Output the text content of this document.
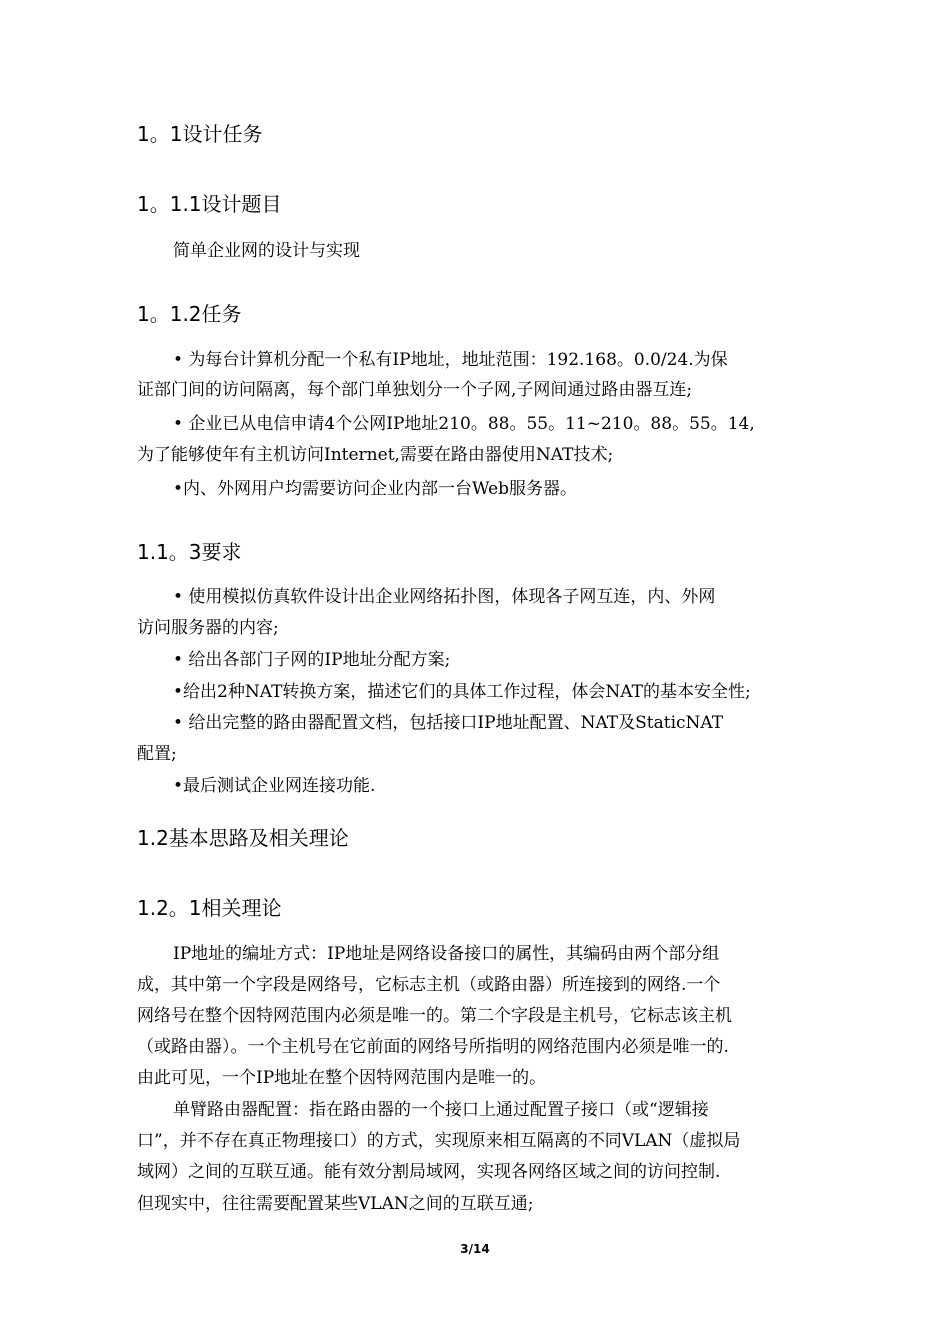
1。1设计任务
1。1.1设计题目
简单企业网的设计与实现
1。1.2任务
• 为每台计算机分配一个私有IP地址，地址范围：192.168。0.0/24.为保
证部门间的访问隔离，每个部门单独划分一个子网,子网间通过路由器互连;
• 企业已从电信申请4个公网IP地址210。88。55。11~210。88。55。14,
为了能够使年有主机访问Internet,需要在路由器使用NAT技术;
•内、外网用户均需要访问企业内部一台Web服务器。
1.1。3要求
• 使用模拟仿真软件设计出企业网络拓扑图，体现各子网互连，内、外网
访问服务器的内容;
• 给出各部门子网的IP地址分配方案;
•给出2种NAT转换方案，描述它们的具体工作过程，体会NAT的基本安全性;
• 给出完整的路由器配置文档，包括接口IP地址配置、NAT及StaticNAT
配置;
•最后测试企业网连接功能.
1.2基本思路及相关理论
1.2。1相关理论
IP地址的编址方式：IP地址是网络设备接口的属性，其编码由两个部分组
成，其中第一个字段是网络号，它标志主机（或路由器）所连接到的网络.一个
网络号在整个因特网范围内必须是唯一的。第二个字段是主机号，它标志该主机
（或路由器）。一个主机号在它前面的网络号所指明的网络范围内必须是唯一的.
由此可见，一个IP地址在整个因特网范围内是唯一的。
单臂路由器配置：指在路由器的一个接口上通过配置子接口（或“逻辑接
口”，并不存在真正物理接口）的方式，实现原来相互隔离的不同VLAN（虚拟局
域网）之间的互联互通。能有效分割局域网，实现各网络区域之间的访问控制.
但现实中，往往需要配置某些VLAN之间的互联互通;
3/14
